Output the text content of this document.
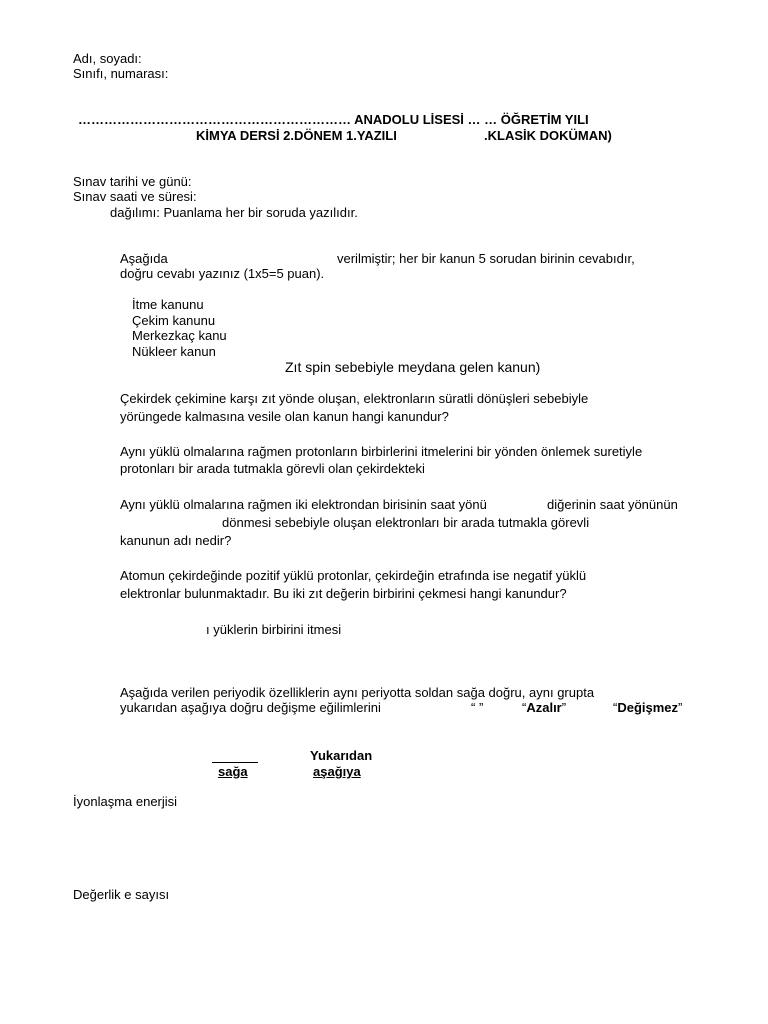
Adı, soyadı:
Sınıfı, numarası:
……………………………………………………… ANADOLU LİSESİ … … ÖĞRETİM YILI
KİMYA DERSİ 2.DÖNEM 1.YAZILI	.KLASİK DOKÜMAN)
Sınav tarihi ve günü:
Sınav saati ve süresi:
dağılımı: Puanlama her bir soruda yazılıdır.
Aşağıda	verilmiştir; her bir kanun 5 sorudan birinin cevabıdır,
doğru cevabı yazınız (1x5=5 puan).
İtme kanunu
Çekim kanunu
Merkezkaç kanu
Nükleer kanun
Zıt spin sebebiyle meydana gelen kanun)
Çekirdek çekimine karşı zıt yönde oluşan, elektronların süratli dönüşleri sebebiyle
yörüngede kalmasına vesile olan kanun hangi kanundur?
Aynı yüklü olmalarına rağmen protonların birbirlerini itmelerini bir yönden önlemek suretiyle
protonları bir arada tutmakla görevli olan çekirdekteki
Aynı yüklü olmalarına rağmen iki elektrondan birisinin saat yönü	diğerinin saat yönünün
dönmesi sebebiyle oluşan elektronları bir arada tutmakla görevli
kanunun adı nedir?
Atomun çekirdeğinde pozitif yüklü protonlar, çekirdeğin etrafında ise negatif yüklü
elektronlar bulunmaktadır. Bu iki zıt değerin birbirini çekmesi hangi kanundur?
ı yüklerin birbirini itmesi
Aşağıda verilen periyodik özelliklerin aynı periyotta soldan sağa doğru, aynı grupta
yukarıdan aşağıya doğru değişme eğilimlerini	“ ”	“Azalır”	“Değişmez”
sağa
Yukarıdan
aşağıya
İyonlaşma enerjisi
Değerlik e sayısı
